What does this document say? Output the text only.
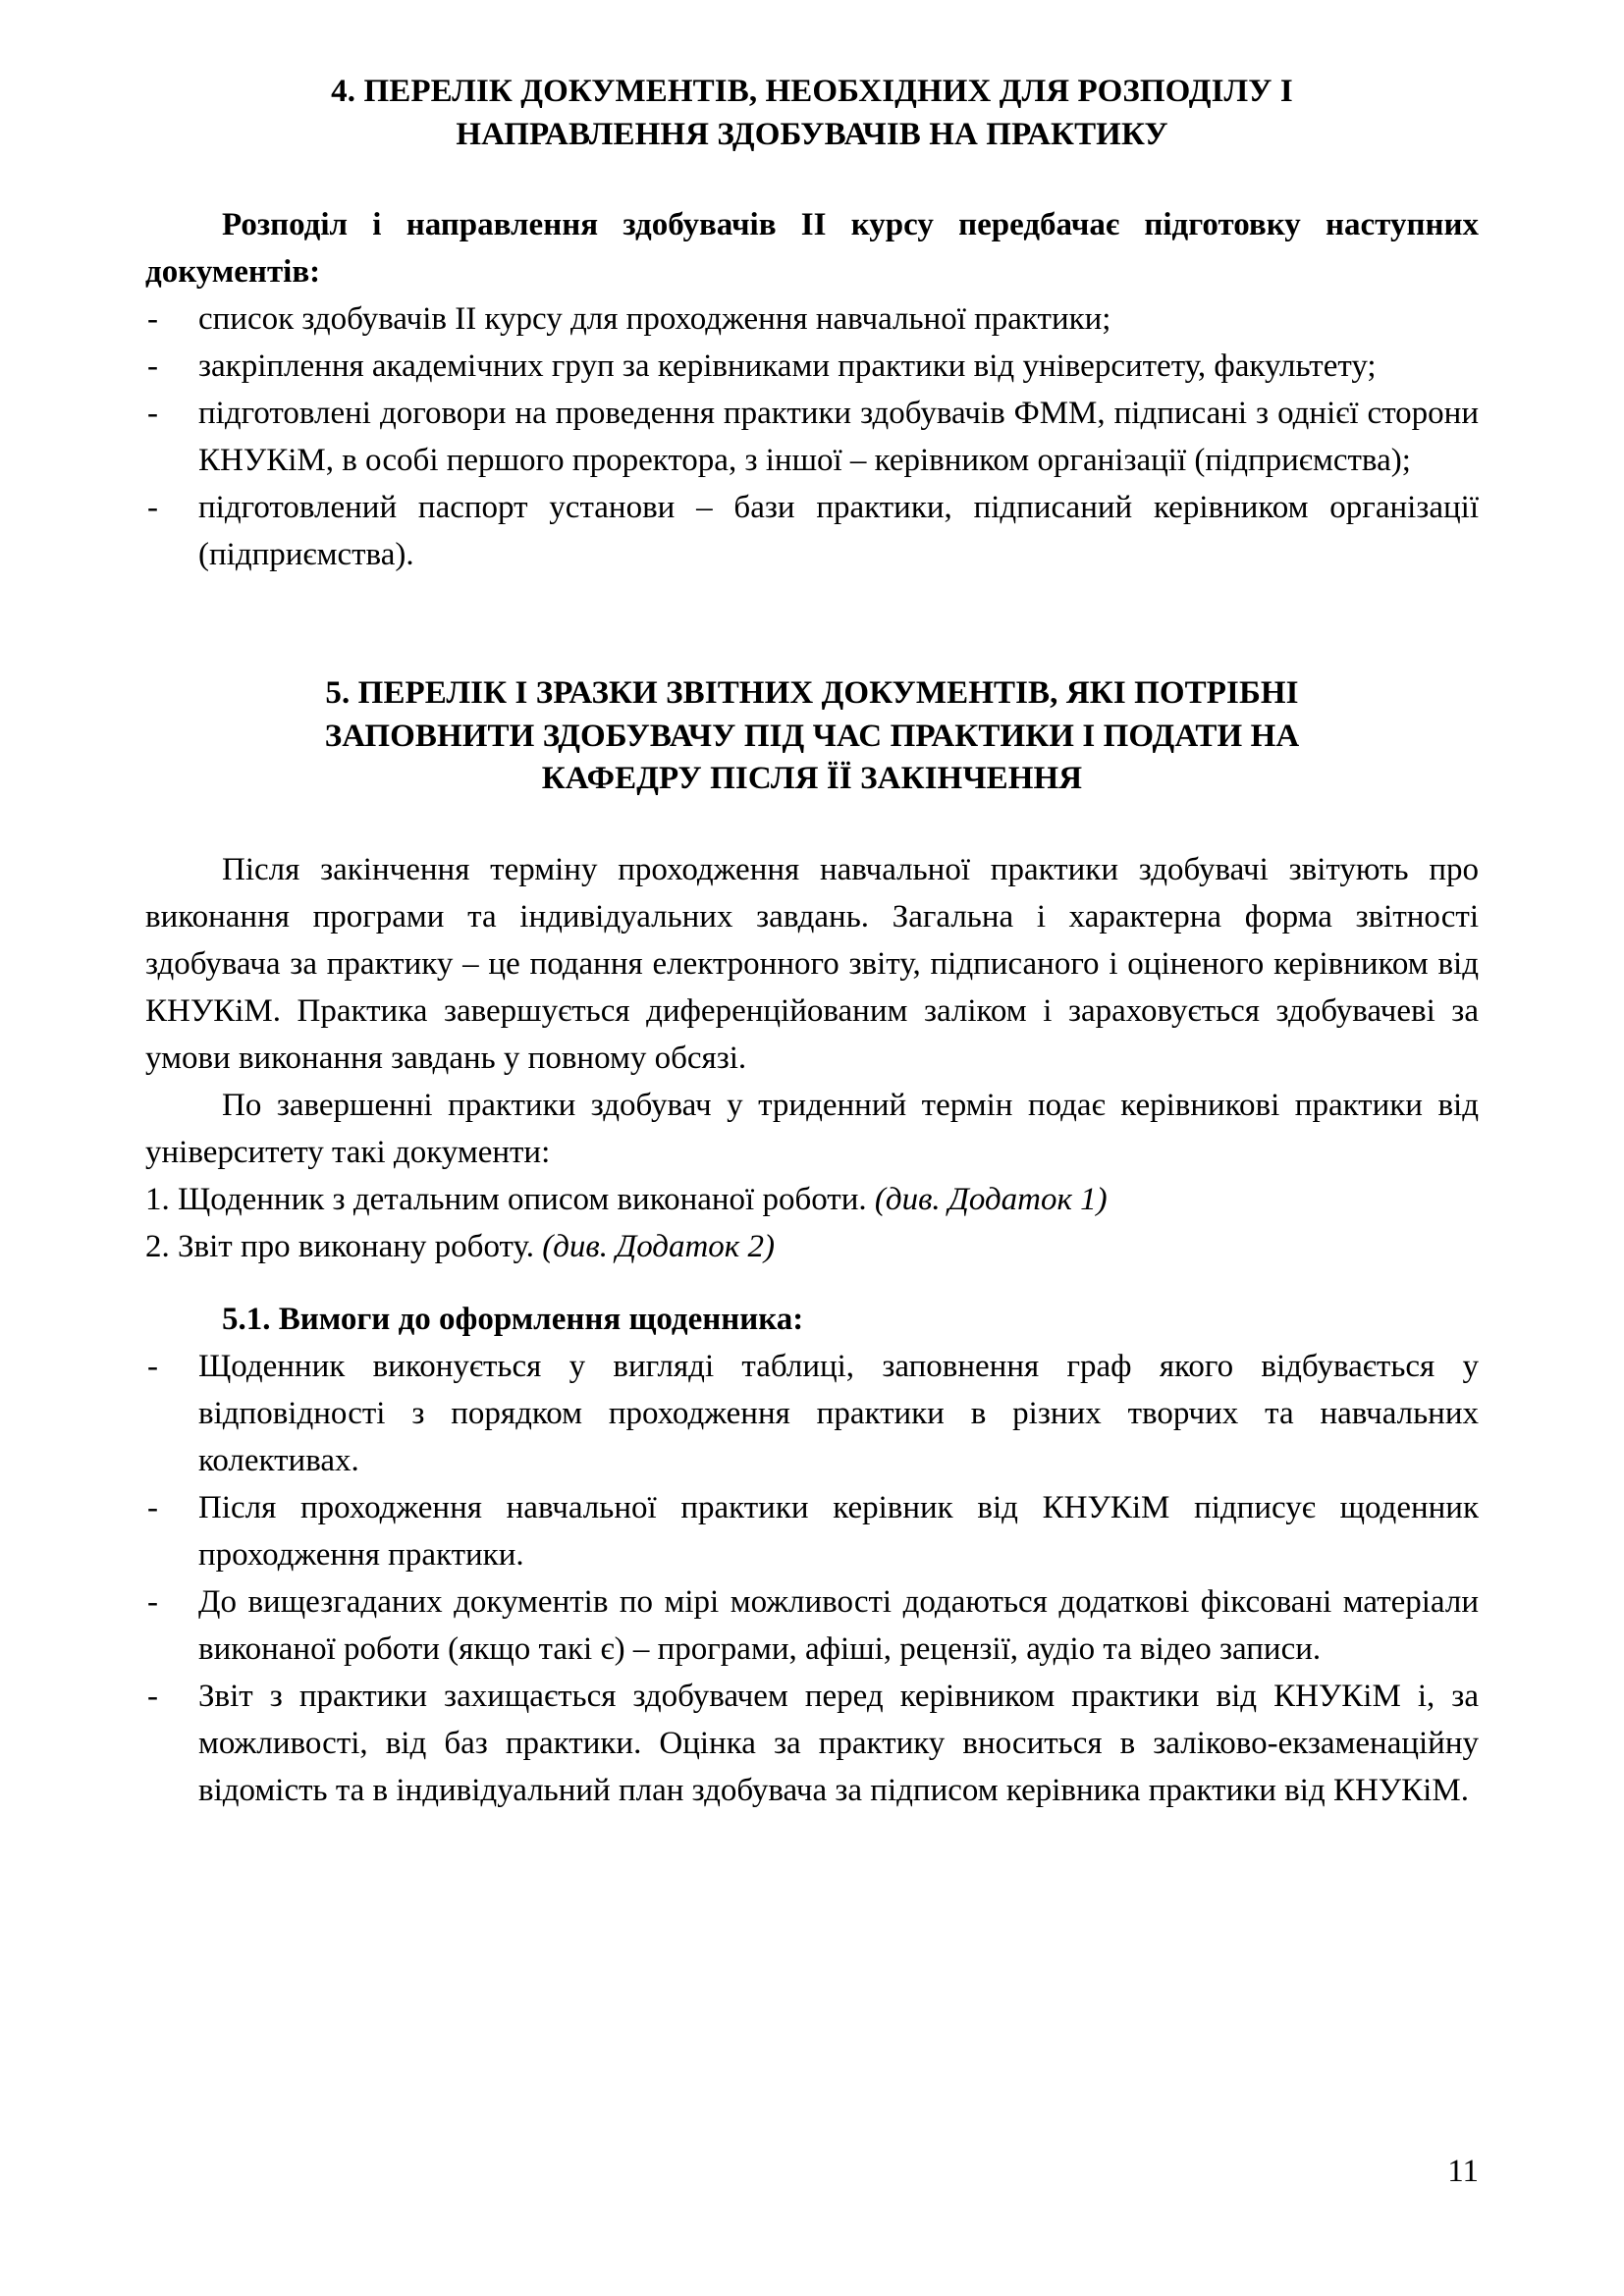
4. ПЕРЕЛІК ДОКУМЕНТІВ, НЕОБХІДНИХ ДЛЯ РОЗПОДІЛУ І
НАПРАВЛЕННЯ ЗДОБУВАЧІВ НА ПРАКТИКУ

Розподіл і направлення здобувачів ІІ курсу передбачає підготовку наступних документів:

- список здобувачів ІІ курсу для проходження навчальної практики;
- закріплення академічних груп за керівниками практики від університету, факультету;
- підготовлені договори на проведення практики здобувачів ФММ, підписані з однієї сторони КНУКіМ, в особі першого проректора, з іншої – керівником організації (підприємства);
- підготовлений паспорт установи – бази практики, підписаний керівником організації (підприємства).
5. ПЕРЕЛІК І ЗРАЗКИ ЗВІТНИХ ДОКУМЕНТІВ, ЯКІ ПОТРІБНІ
ЗАПОВНИТИ ЗДОБУВАЧУ ПІД ЧАС ПРАКТИКИ І ПОДАТИ НА
КАФЕДРУ ПІСЛЯ ЇЇ ЗАКІНЧЕННЯ

Після закінчення терміну проходження навчальної практики здобувачі звітують про виконання програми та індивідуальних завдань. Загальна і характерна форма звітності здобувача за практику – це подання електронного звіту, підписаного і оціненого керівником від КНУКіМ. Практика завершується диференційованим заліком і зараховується здобувачеві за умови виконання завдань у повному обсязі.

По завершенні практики здобувач у триденний термін подає керівникові практики від університету такі документи:

1. Щоденник з детальним описом виконаної роботи. (див. Додаток 1)
2. Звіт про виконану роботу. (див. Додаток 2)
5.1. Вимоги до оформлення щоденника:
- Щоденник виконується у вигляді таблиці, заповнення граф якого відбувається у відповідності з порядком проходження практики в різних творчих та навчальних колективах.
- Після проходження навчальної практики керівник від КНУКіМ підписує щоденник проходження практики.
- До вищезгаданих документів по мірі можливості додаються додаткові фіксовані матеріали виконаної роботи (якщо такі є) – програми, афіші, рецензії, аудіо та відео записи.
- Звіт з практики захищається здобувачем перед керівником практики від КНУКіМ і, за можливості, від баз практики. Оцінка за практику вноситься в заліково-екзаменаційну відомість та в індивідуальний план здобувача за підписом керівника практики від КНУКіМ.
11
